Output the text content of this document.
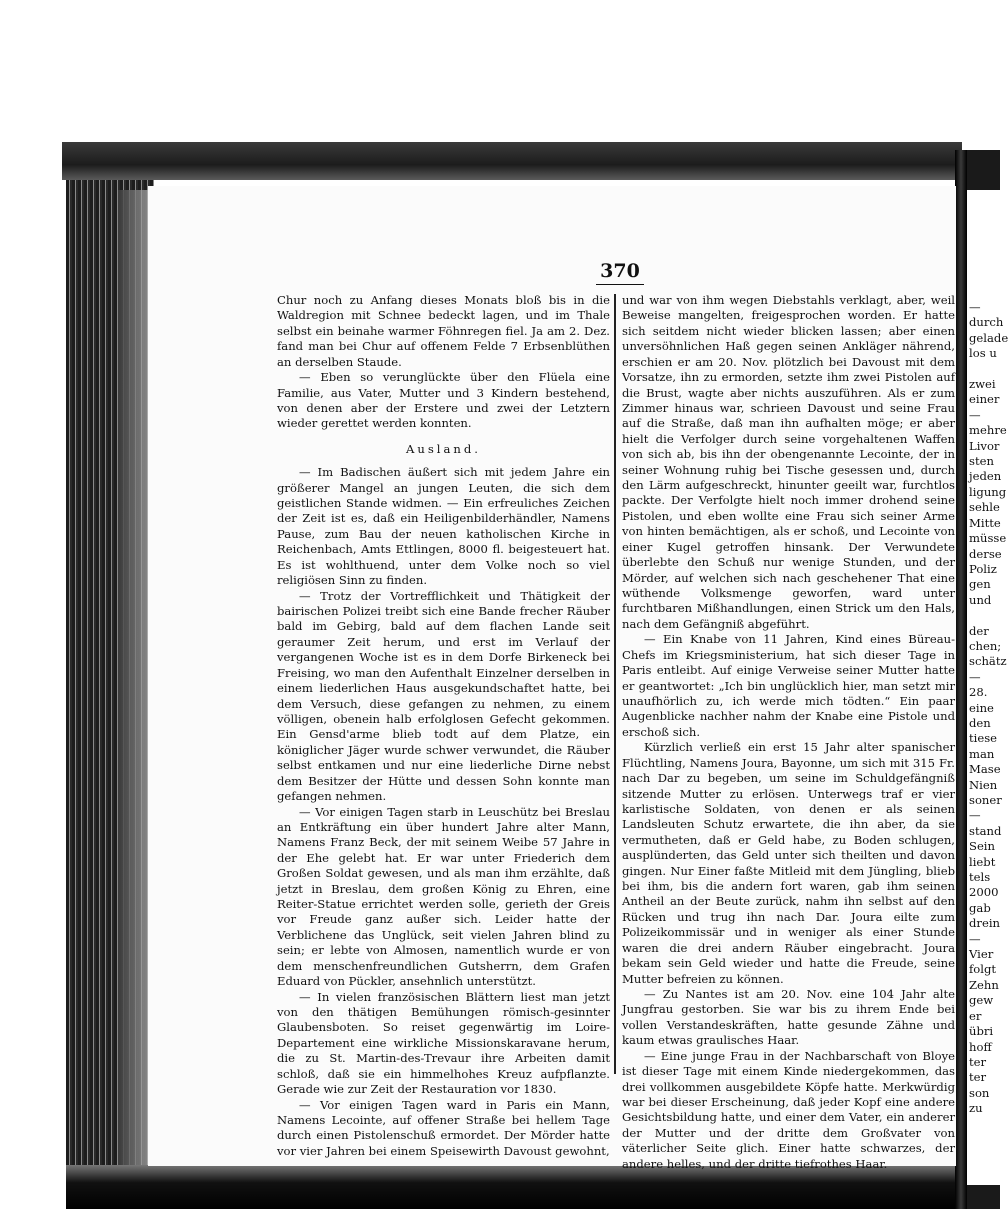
370

Chur noch zu Anfang dieses Monats bloß bis in die Waldregion mit Schnee bedeckt lagen, und im Thale selbst ein beinahe warmer Föhnregen fiel. Ja am 2. Dez. fand man bei Chur auf offenem Felde 7 Erbsenblüthen an derselben Staude.

— Eben so verunglückte über den Flüela eine Familie, aus Vater, Mutter und 3 Kindern bestehend, von denen aber der Erstere und zwei der Letztern wieder gerettet werden konnten.

Ausland.

— Im Badischen äußert sich mit jedem Jahre ein größerer Mangel an jungen Leuten, die sich dem geistlichen Stande widmen. — Ein erfreuliches Zeichen der Zeit ist es, daß ein Heiligenbilderhändler, Namens Pause, zum Bau der neuen katholischen Kirche in Reichenbach, Amts Ettlingen, 8000 fl. beigesteuert hat. Es ist wohlthuend, unter dem Volke noch so viel religiösen Sinn zu finden.

— Trotz der Vortrefflichkeit und Thätigkeit der bairischen Polizei treibt sich eine Bande frecher Räuber bald im Gebirg, bald auf dem flachen Lande seit geraumer Zeit herum, und erst im Verlauf der vergangenen Woche ist es in dem Dorfe Birkeneck bei Freising, wo man den Aufenthalt Einzelner derselben in einem liederlichen Haus ausgekundschaftet hatte, bei dem Versuch, diese gefangen zu nehmen, zu einem völligen, obenein halb erfolglosen Gefecht gekommen. Ein Gensd'arme blieb todt auf dem Platze, ein königlicher Jäger wurde schwer verwundet, die Räuber selbst entkamen und nur eine liederliche Dirne nebst dem Besitzer der Hütte und dessen Sohn konnte man gefangen nehmen.

— Vor einigen Tagen starb in Leuschütz bei Breslau an Entkräftung ein über hundert Jahre alter Mann, Namens Franz Beck, der mit seinem Weibe 57 Jahre in der Ehe gelebt hat. Er war unter Friederich dem Großen Soldat gewesen, und als man ihm erzählte, daß jetzt in Breslau, dem großen König zu Ehren, eine Reiter-Statue errichtet werden solle, gerieth der Greis vor Freude ganz außer sich. Leider hatte der Verblichene das Unglück, seit vielen Jahren blind zu sein; er lebte von Almosen, namentlich wurde er von dem menschenfreundlichen Gutsherrn, dem Grafen Eduard von Pückler, ansehnlich unterstützt.

— In vielen französischen Blättern liest man jetzt von den thätigen Bemühungen römisch-gesinnter Glaubensboten. So reiset gegenwärtig im Loire-Departement eine wirkliche Missionskaravane herum, die zu St. Martin-des-Trevaur ihre Arbeiten damit schloß, daß sie ein himmelhohes Kreuz aufpflanzte. Gerade wie zur Zeit der Restauration vor 1830.

— Vor einigen Tagen ward in Paris ein Mann, Namens Lecointe, auf offener Straße bei hellem Tage durch einen Pistolenschuß ermordet. Der Mörder hatte vor vier Jahren bei einem Speisewirth Davoust gewohnt,

und war von ihm wegen Diebstahls verklagt, aber, weil Beweise mangelten, freigesprochen worden. Er hatte sich seitdem nicht wieder blicken lassen; aber einen unversöhnlichen Haß gegen seinen Ankläger nährend, erschien er am 20. Nov. plötzlich bei Davoust mit dem Vorsatze, ihn zu ermorden, setzte ihm zwei Pistolen auf die Brust, wagte aber nichts auszuführen. Als er zum Zimmer hinaus war, schrieen Davoust und seine Frau auf die Straße, daß man ihn aufhalten möge; er aber hielt die Verfolger durch seine vorgehaltenen Waffen von sich ab, bis ihn der obengenannte Lecointe, der in seiner Wohnung ruhig bei Tische gesessen und, durch den Lärm aufgeschreckt, hinunter geeilt war, furchtlos packte. Der Verfolgte hielt noch immer drohend seine Pistolen, und eben wollte eine Frau sich seiner Arme von hinten bemächtigen, als er schoß, und Lecointe von einer Kugel getroffen hinsank. Der Verwundete überlebte den Schuß nur wenige Stunden, und der Mörder, auf welchen sich nach geschehener That eine wüthende Volksmenge geworfen, ward unter furchtbaren Mißhandlungen, einen Strick um den Hals, nach dem Gefängniß abgeführt.

— Ein Knabe von 11 Jahren, Kind eines Büreau-Chefs im Kriegsministerium, hat sich dieser Tage in Paris entleibt. Auf einige Verweise seiner Mutter hatte er geantwortet: „Ich bin unglücklich hier, man setzt mir unaufhörlich zu, ich werde mich tödten.“ Ein paar Augenblicke nachher nahm der Knabe eine Pistole und erschoß sich.

Kürzlich verließ ein erst 15 Jahr alter spanischer Flüchtling, Namens Joura, Bayonne, um sich mit 315 Fr. nach Dar zu begeben, um seine im Schuldgefängniß sitzende Mutter zu erlösen. Unterwegs traf er vier karlistische Soldaten, von denen er als seinen Landsleuten Schutz erwartete, die ihn aber, da sie vermutheten, daß er Geld habe, zu Boden schlugen, ausplünderten, das Geld unter sich theilten und davon gingen. Nur Einer faßte Mitleid mit dem Jüngling, blieb bei ihm, bis die andern fort waren, gab ihm seinen Antheil an der Beute zurück, nahm ihn selbst auf den Rücken und trug ihn nach Dar. Joura eilte zum Polizeikommissär und in weniger als einer Stunde waren die drei andern Räuber eingebracht. Joura bekam sein Geld wieder und hatte die Freude, seine Mutter befreien zu können.

— Zu Nantes ist am 20. Nov. eine 104 Jahr alte Jungfrau gestorben. Sie war bis zu ihrem Ende bei vollen Verstandeskräften, hatte gesunde Zähne und kaum etwas graulisches Haar.

— Eine junge Frau in der Nachbarschaft von Bloye ist dieser Tage mit einem Kinde niedergekommen, das drei vollkommen ausgebildete Köpfe hatte. Merkwürdig war bei dieser Erscheinung, daß jeder Kopf eine andere Gesichtsbildung hatte, und einer dem Vater, ein anderer der Mutter und der dritte dem Großvater von väterlicher Seite glich. Einer hatte schwarzes, der andere helles, und der dritte tiefrothes Haar.

—
durch
gelade
los u
zwei
einer
—
mehre
Livor
sten
jeden
ligung
sehle
Mitte
müsse
derse
Poliz
gen
und
der
chen;
schätz
—
28.
eine
den
tiese
man
Mase
Nien
soner
—
stand
Sein
liebt
tels
2000
gab
drein
—
Vier
folgt
Zehn
gew
er
übri
hoff
ter
ter
son
zu
